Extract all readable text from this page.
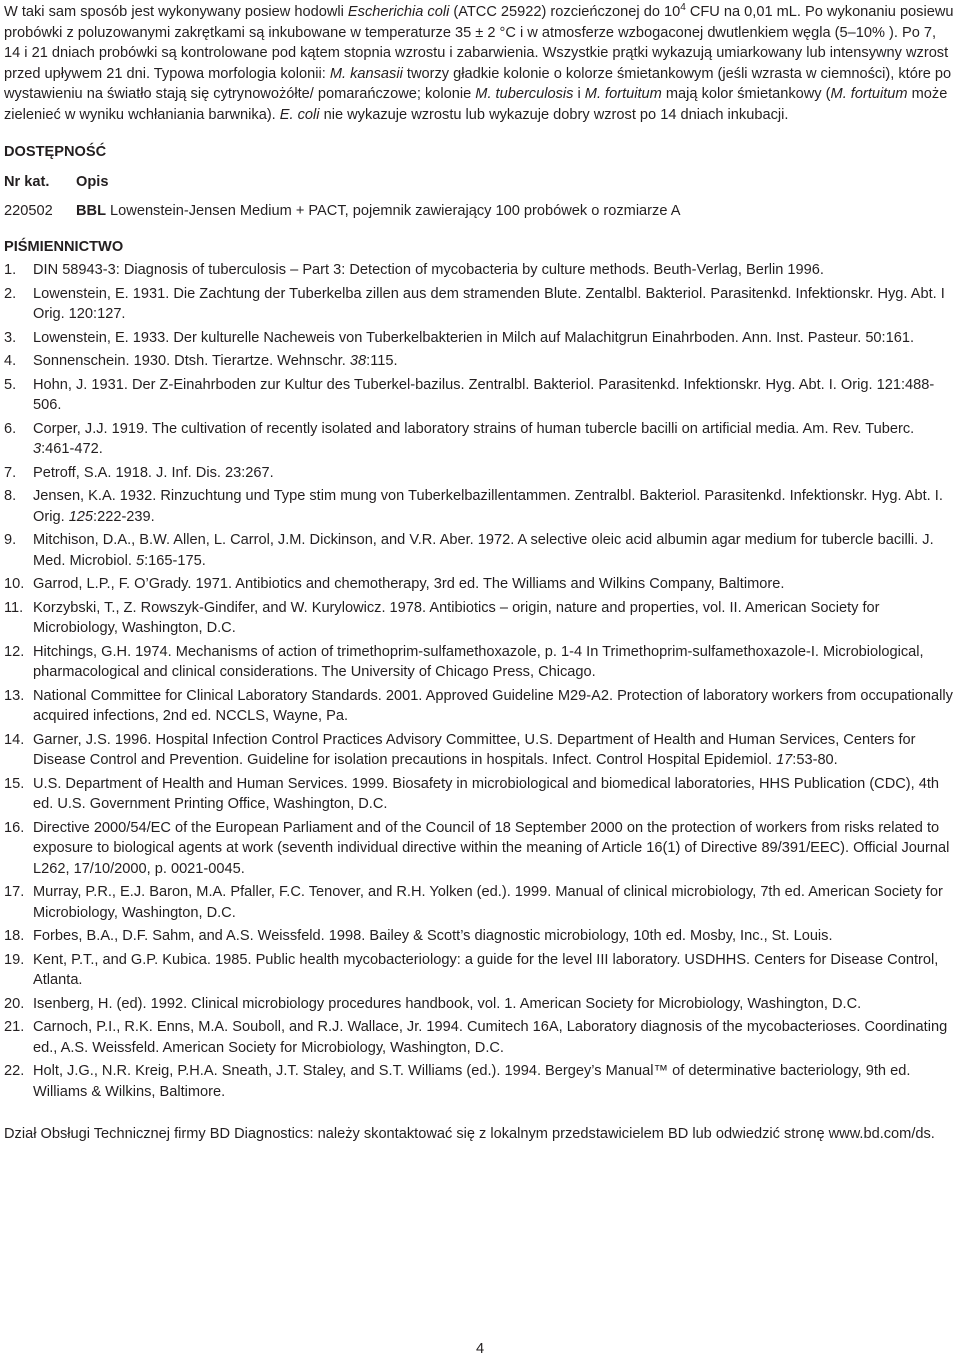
W taki sam sposób jest wykonywany posiew hodowli Escherichia coli (ATCC 25922) rozcieńczonej do $10^4$ CFU na 0,01 mL. Po wykonaniu posiewu probówki z poluzowanymi zakrętkami są inkubowane w temperaturze 35 ± 2 °C i w atmosferze wzbogaconej dwutlenkiem węgla (5–10% ). Po 7, 14 i 21 dniach probówki są kontrolowane pod kątem stopnia wzrostu i zabarwienia. Wszystkie prątki wykazują umiarkowany lub intensywny wzrost przed upływem 21 dni. Typowa morfologia kolonii: M. kansasii tworzy gładkie kolonie o kolorze śmietankowym (jeśli wzrasta w ciemności), które po wystawieniu na światło stają się cytrynowożółte/ pomarańczowe; kolonie M. tuberculosis i M. fortuitum mają kolor śmietankowy (M. fortuitum może zielenieć w wyniku wchłaniania barwnika). E. coli nie wykazuje wzrostu lub wykazuje dobry wzrost po 14 dniach inkubacji.

DOSTĘPNOŚĆ
Nr kat. Opis
220502 BBL Lowenstein-Jensen Medium + PACT, pojemnik zawierający 100 probówek o rozmiarze A
PIŚMIENNICTWO
1. DIN 58943-3: Diagnosis of tuberculosis – Part 3: Detection of mycobacteria by culture methods. Beuth-Verlag, Berlin 1996.
2. Lowenstein, E. 1931. Die Zachtung der Tuberkelba zillen aus dem stramenden Blute. Zentalbl. Bakteriol. Parasitenkd. Infektionskr. Hyg. Abt. I Orig. 120:127.
3. Lowenstein, E. 1933. Der kulturelle Nacheweis von Tuberkelbakterien in Milch auf Malachitgrun Einahrboden. Ann. Inst. Pasteur. 50:161.
4. Sonnenschein. 1930. Dtsh. Tierartze. Wehnschr. 38:115.
5. Hohn, J. 1931. Der Z-Einahrboden zur Kultur des Tuberkel-bazilus. Zentralbl. Bakteriol. Parasitenkd. Infektionskr. Hyg. Abt. I. Orig. 121:488-506.
6. Corper, J.J. 1919. The cultivation of recently isolated and laboratory strains of human tubercle bacilli on artificial media. Am. Rev. Tuberc. 3:461-472.
7. Petroff, S.A. 1918. J. Inf. Dis. 23:267.
8. Jensen, K.A. 1932. Rinzuchtung und Type stim mung von Tuberkelbazillentammen. Zentralbl. Bakteriol. Parasitenkd. Infektionskr. Hyg. Abt. I. Orig. 125:222-239.
9. Mitchison, D.A., B.W. Allen, L. Carrol, J.M. Dickinson, and V.R. Aber. 1972. A selective oleic acid albumin agar medium for tubercle bacilli. J. Med. Microbiol. 5:165-175.
10. Garrod, L.P., F. O’Grady. 1971. Antibiotics and chemotherapy, 3rd ed. The Williams and Wilkins Company, Baltimore.
11. Korzybski, T., Z. Rowszyk-Gindifer, and W. Kurylowicz. 1978. Antibiotics – origin, nature and properties, vol. II. American Society for Microbiology, Washington, D.C.
12. Hitchings, G.H. 1974. Mechanisms of action of trimethoprim-sulfamethoxazole, p. 1-4 In Trimethoprim-sulfamethoxazole-I. Microbiological, pharmacological and clinical considerations. The University of Chicago Press, Chicago.
13. National Committee for Clinical Laboratory Standards. 2001. Approved Guideline M29-A2. Protection of laboratory workers from occupationally acquired infections, 2nd ed. NCCLS, Wayne, Pa.
14. Garner, J.S. 1996. Hospital Infection Control Practices Advisory Committee, U.S. Department of Health and Human Services, Centers for Disease Control and Prevention. Guideline for isolation precautions in hospitals. Infect. Control Hospital Epidemiol. 17:53-80.
15. U.S. Department of Health and Human Services. 1999. Biosafety in microbiological and biomedical laboratories, HHS Publication (CDC), 4th ed. U.S. Government Printing Office, Washington, D.C.
16. Directive 2000/54/EC of the European Parliament and of the Council of 18 September 2000 on the protection of workers from risks related to exposure to biological agents at work (seventh individual directive within the meaning of Article 16(1) of Directive 89/391/EEC). Official Journal L262, 17/10/2000, p. 0021-0045.
17. Murray, P.R., E.J. Baron, M.A. Pfaller, F.C. Tenover, and R.H. Yolken (ed.). 1999. Manual of clinical microbiology, 7th ed. American Society for Microbiology, Washington, D.C.
18. Forbes, B.A., D.F. Sahm, and A.S. Weissfeld. 1998. Bailey & Scott’s diagnostic microbiology, 10th ed. Mosby, Inc., St. Louis.
19. Kent, P.T., and G.P. Kubica. 1985. Public health mycobacteriology: a guide for the level III laboratory. USDHHS. Centers for Disease Control, Atlanta.
20. Isenberg, H. (ed). 1992. Clinical microbiology procedures handbook, vol. 1. American Society for Microbiology, Washington, D.C.
21. Carnoch, P.I., R.K. Enns, M.A. Souboll, and R.J. Wallace, Jr. 1994. Cumitech 16A, Laboratory diagnosis of the mycobacterioses. Coordinating ed., A.S. Weissfeld. American Society for Microbiology, Washington, D.C.
22. Holt, J.G., N.R. Kreig, P.H.A. Sneath, J.T. Staley, and S.T. Williams (ed.). 1994. Bergey’s Manual™ of determinative bacteriology, 9th ed. Williams & Wilkins, Baltimore.

Dział Obsługi Technicznej firmy BD Diagnostics: należy skontaktować się z lokalnym przedstawicielem BD lub odwiedzić stronę www.bd.com/ds.

4
